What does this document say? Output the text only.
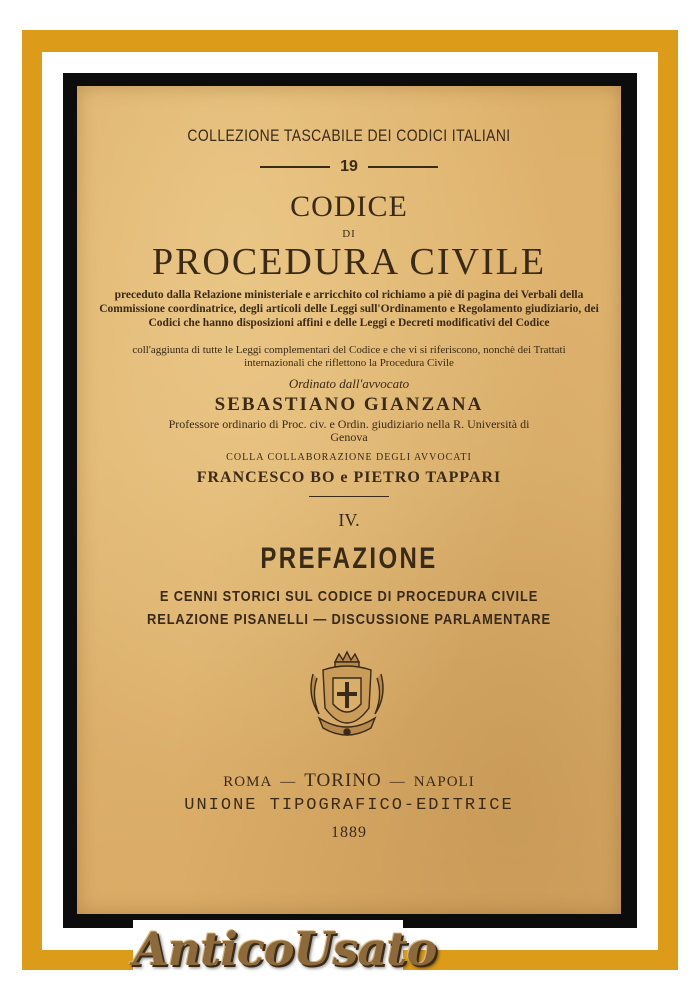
COLLEZIONE TASCABILE DEI CODICI ITALIANI
19
CODICE
DI
PROCEDURA CIVILE
preceduto dalla Relazione ministeriale e arricchito col richiamo a piè di pagina dei Verbali della Commissione coordinatrice, degli articoli delle Leggi sull'Ordinamento e Regolamento giudiziario, dei Codici che hanno disposizioni affini e delle Leggi e Decreti modificativi del Codice
coll'aggiunta di tutte le Leggi complementari del Codice e che vi si riferiscono, nonchè dei Trattati internazionali che riflettono la Procedura Civile
Ordinato dall'avvocato
SEBASTIANO GIANZANA
Professore ordinario di Proc. civ. e Ordin. giudiziario nella R. Università di Genova
COLLA COLLABORAZIONE DEGLI AVVOCATI
FRANCESCO BO e PIETRO TAPPARI
IV.
PREFAZIONE
E CENNI STORICI SUL CODICE DI PROCEDURA CIVILE
RELAZIONE PISANELLI — DISCUSSIONE PARLAMENTARE
ROMA — TORINO — NAPOLI
UNIONE TIPOGRAFICO-EDITRICE
1889
AnticoUsato
